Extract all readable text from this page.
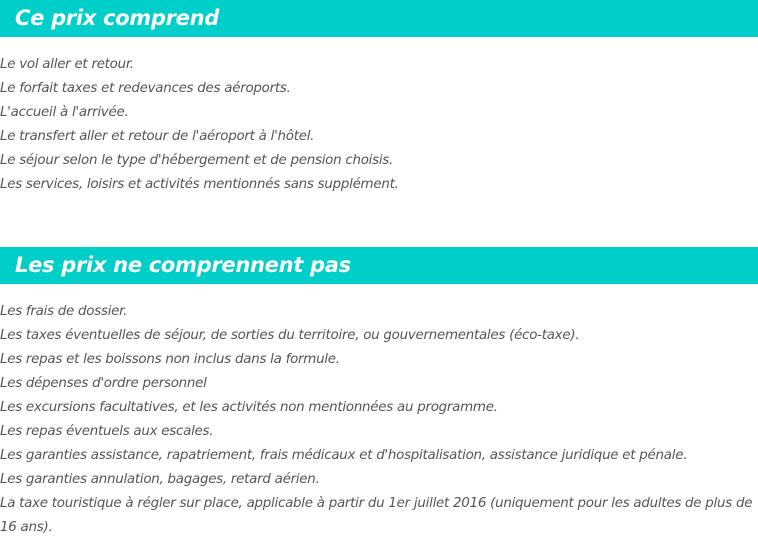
Ce prix comprend
Le vol aller et retour.
Le forfait taxes et redevances des aéroports.
L'accueil à l'arrivée.
Le transfert aller et retour de l'aéroport à l'hôtel.
Le séjour selon le type d'hébergement et de pension choisis.
Les services, loisirs et activités mentionnés sans supplément.
Les prix ne comprennent pas
Les frais de dossier.
Les taxes éventuelles de séjour, de sorties du territoire, ou gouvernementales (éco-taxe).
Les repas et les boissons non inclus dans la formule.
Les dépenses d'ordre personnel
Les excursions facultatives, et les activités non mentionnées au programme.
Les repas éventuels aux escales.
Les garanties assistance, rapatriement, frais médicaux et d'hospitalisation, assistance juridique et pénale.
Les garanties annulation, bagages, retard aérien.
La taxe touristique à régler sur place, applicable à partir du 1er juillet 2016 (uniquement pour les adultes de plus de 16 ans).
